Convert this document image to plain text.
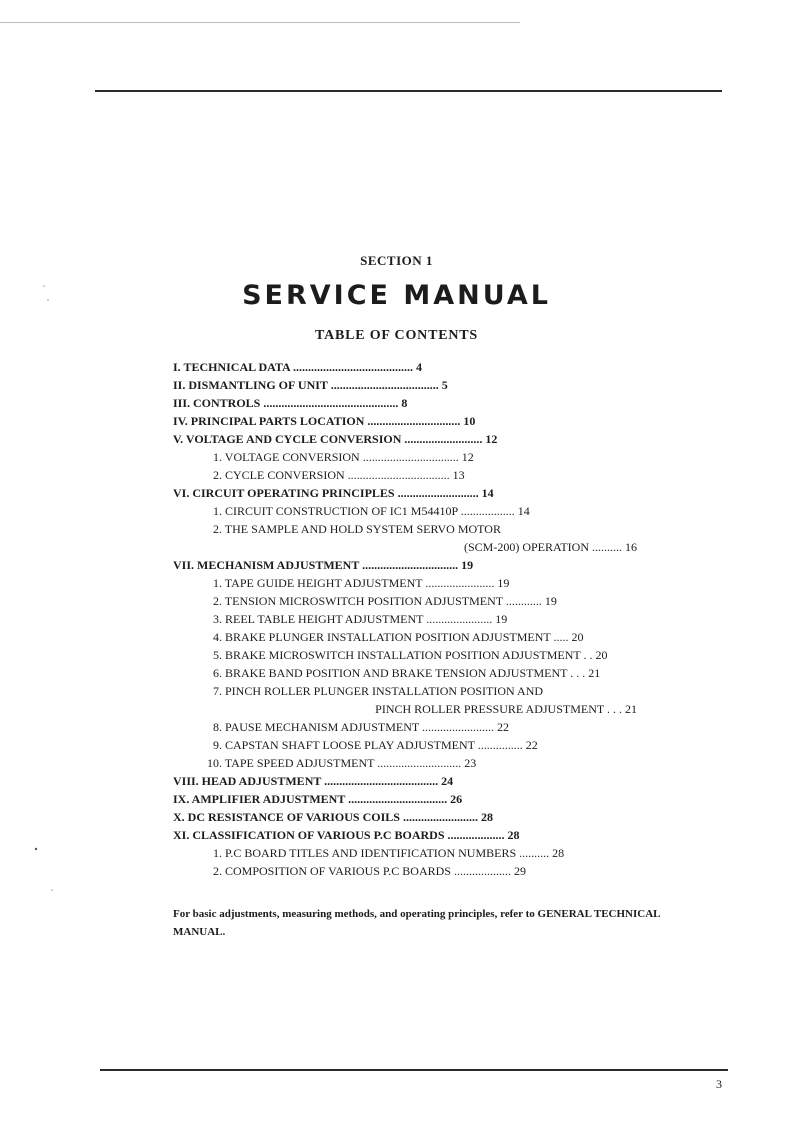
SECTION 1
SERVICE MANUAL
TABLE OF CONTENTS
I. TECHNICAL DATA ........................................ 4
II. DISMANTLING OF UNIT .................................... 5
III. CONTROLS ............................................. 8
IV. PRINCIPAL PARTS LOCATION ............................... 10
V. VOLTAGE AND CYCLE CONVERSION .......................... 12
1. VOLTAGE CONVERSION ................................ 12
2. CYCLE CONVERSION .................................. 13
VI. CIRCUIT OPERATING PRINCIPLES ........................... 14
1. CIRCUIT CONSTRUCTION OF IC1 M54410P .................. 14
2. THE SAMPLE AND HOLD SYSTEM SERVO MOTOR
(SCM-200) OPERATION .......... 16
VII. MECHANISM ADJUSTMENT ................................ 19
1. TAPE GUIDE HEIGHT ADJUSTMENT ....................... 19
2. TENSION MICROSWITCH POSITION ADJUSTMENT ............ 19
3. REEL TABLE HEIGHT ADJUSTMENT ...................... 19
4. BRAKE PLUNGER INSTALLATION POSITION ADJUSTMENT ..... 20
5. BRAKE MICROSWITCH INSTALLATION POSITION ADJUSTMENT . . 20
6. BRAKE BAND POSITION AND BRAKE TENSION ADJUSTMENT . . . 21
7. PINCH ROLLER PLUNGER INSTALLATION POSITION AND
PINCH ROLLER PRESSURE ADJUSTMENT . . . 21
8. PAUSE MECHANISM ADJUSTMENT ........................ 22
9. CAPSTAN SHAFT LOOSE PLAY ADJUSTMENT ............... 22
10. TAPE SPEED ADJUSTMENT ............................ 23
VIII. HEAD ADJUSTMENT ...................................... 24
IX. AMPLIFIER ADJUSTMENT ................................. 26
X. DC RESISTANCE OF VARIOUS COILS ......................... 28
XI. CLASSIFICATION OF VARIOUS P.C BOARDS ................... 28
1. P.C BOARD TITLES AND IDENTIFICATION NUMBERS .......... 28
2. COMPOSITION OF VARIOUS P.C BOARDS ................... 29
For basic adjustments, measuring methods, and operating principles, refer to GENERAL TECHNICAL MANUAL.
3
